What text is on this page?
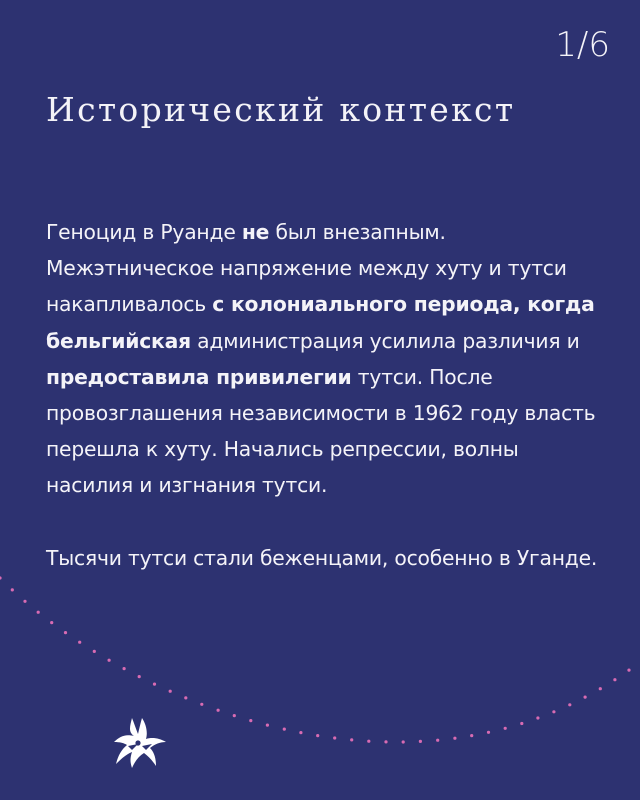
1/6
Исторический контекст

Геноцид в Руанде не был внезапным. Межэтническое напряжение между хуту и тутси накапливалось с колониального периода, когда бельгийская администрация усилила различия и предоставила привилегии тутси. После провозглашения независимости в 1962 году власть перешла к хуту. Начались репрессии, волны насилия и изгнания тутси.

Тысячи тутси стали беженцами, особенно в Уганде.
